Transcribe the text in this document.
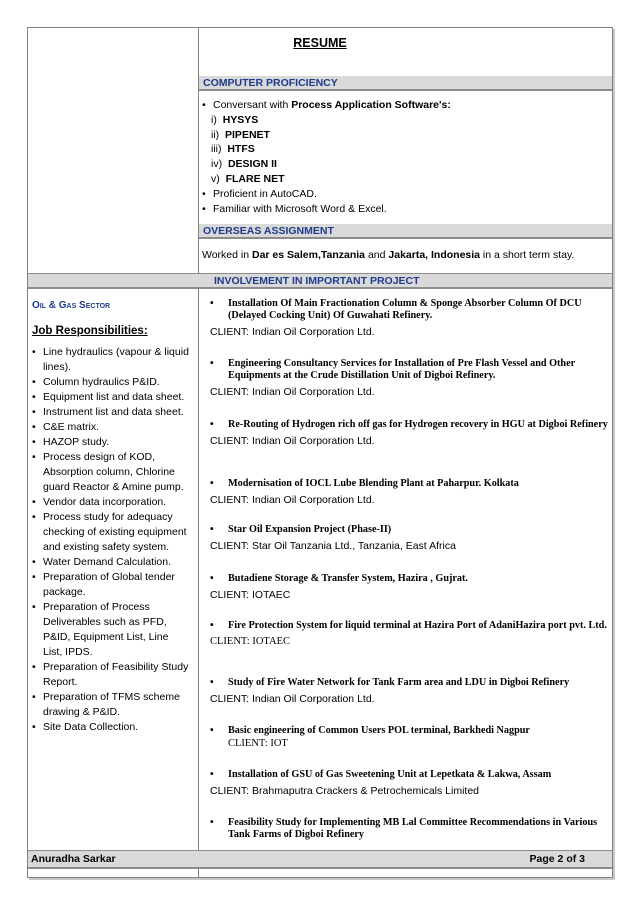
RESUME
COMPUTER PROFICIENCY
• Conversant with Process Application Software's:
i) HYSYS
ii) PIPENET
iii) HTFS
iv) DESIGN II
v) FLARE NET
• Proficient in AutoCAD.
• Familiar with Microsoft Word & Excel.
OVERSEAS ASSIGNMENT
Worked in Dar es Salem,Tanzania and Jakarta, Indonesia in a short term stay.
INVOLVEMENT IN IMPORTANT PROJECT
Oil & Gas Sector
Job Responsibilities:
• Line hydraulics (vapour & liquid lines).
• Column hydraulics P&ID.
• Equipment list and data sheet.
• Instrument list and data sheet.
• C&E matrix.
• HAZOP study.
• Process design of KOD, Absorption column, Chlorine guard Reactor & Amine pump.
• Vendor data incorporation.
• Process study for adequacy checking of existing equipment and existing safety system.
• Water Demand Calculation.
• Preparation of Global tender package.
• Preparation of Process Deliverables such as PFD, P&ID, Equipment List, Line List, IPDS.
• Preparation of Feasibility Study Report.
• Preparation of TFMS scheme drawing & P&ID.
• Site Data Collection.
• Installation Of Main Fractionation Column & Sponge Absorber Column Of DCU (Delayed Cocking Unit) Of Guwahati Refinery.
CLIENT: Indian Oil Corporation Ltd.
• Engineering Consultancy Services for Installation of Pre Flash Vessel and Other Equipments at the Crude Distillation Unit of Digboi Refinery.
CLIENT: Indian Oil Corporation Ltd.
• Re-Routing of Hydrogen rich off gas for Hydrogen recovery in HGU at Digboi Refinery
CLIENT: Indian Oil Corporation Ltd.
• Modernisation of IOCL Lube Blending Plant at Paharpur. Kolkata
CLIENT: Indian Oil Corporation Ltd.
• Star Oil Expansion Project (Phase-II)
CLIENT: Star Oil Tanzania Ltd., Tanzania, East Africa
• Butadiene Storage & Transfer System, Hazira , Gujrat.
CLIENT: IOTAEC
• Fire Protection System for liquid terminal at Hazira Port of AdaniHazira port pvt. Ltd.
CLIENT: IOTAEC
• Study of Fire Water Network for Tank Farm area and LDU in Digboi Refinery
CLIENT: Indian Oil Corporation Ltd.
• Basic engineering of Common Users POL terminal, Barkhedi Nagpur
CLIENT: IOT
• Installation of GSU of Gas Sweetening Unit at Lepetkata & Lakwa, Assam
CLIENT: Brahmaputra Crackers & Petrochemicals Limited
• Feasibility Study for Implementing MB Lal Committee Recommendations in Various Tank Farms of Digboi Refinery
Anuradha Sarkar	Page 2 of 3
